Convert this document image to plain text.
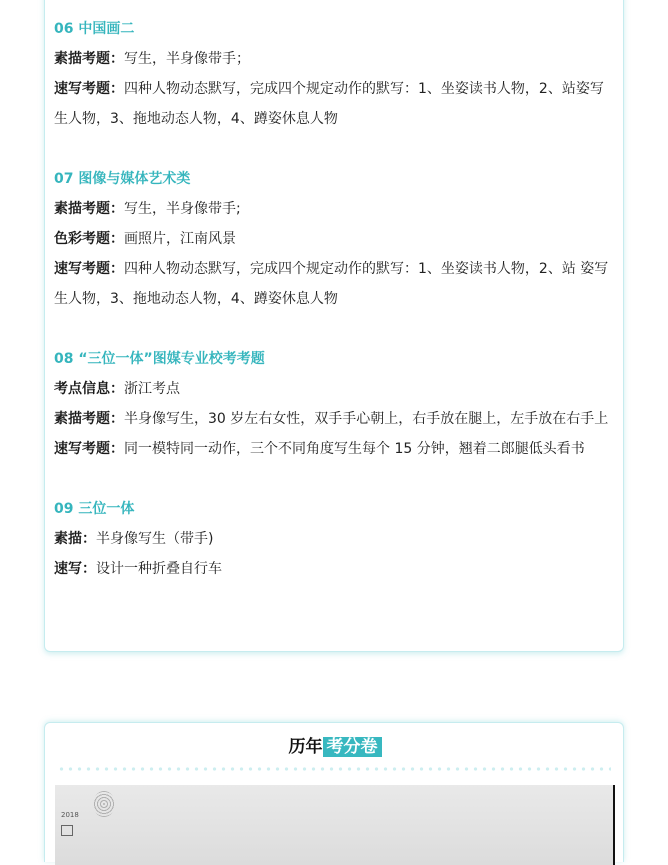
06 中国画二
素描考题：写生，半身像带手；
速写考题：四种人物动态默写，完成四个规定动作的默写：1、坐姿读书人物，2、站姿写生人物，3、拖地动态人物，4、蹲姿休息人物
07 图像与媒体艺术类
素描考题：写生，半身像带手;
色彩考题：画照片，江南风景
速写考题：四种人物动态默写，完成四个规定动作的默写：1、坐姿读书人物，2、站 姿写生人物，3、拖地动态人物，4、蹲姿休息人物
08 “三位一体”图媒专业校考考题
考点信息：浙江考点
素描考题：半身像写生，30 岁左右女性，双手手心朝上，右手放在腿上，左手放在右手上
速写考题：同一模特同一动作，三个不同角度写生每个 15 分钟，翘着二郎腿低头看书
09 三位一体
素描：半身像写生（带手)
速写：设计一种折叠自行车
历年 考分卷
2018
